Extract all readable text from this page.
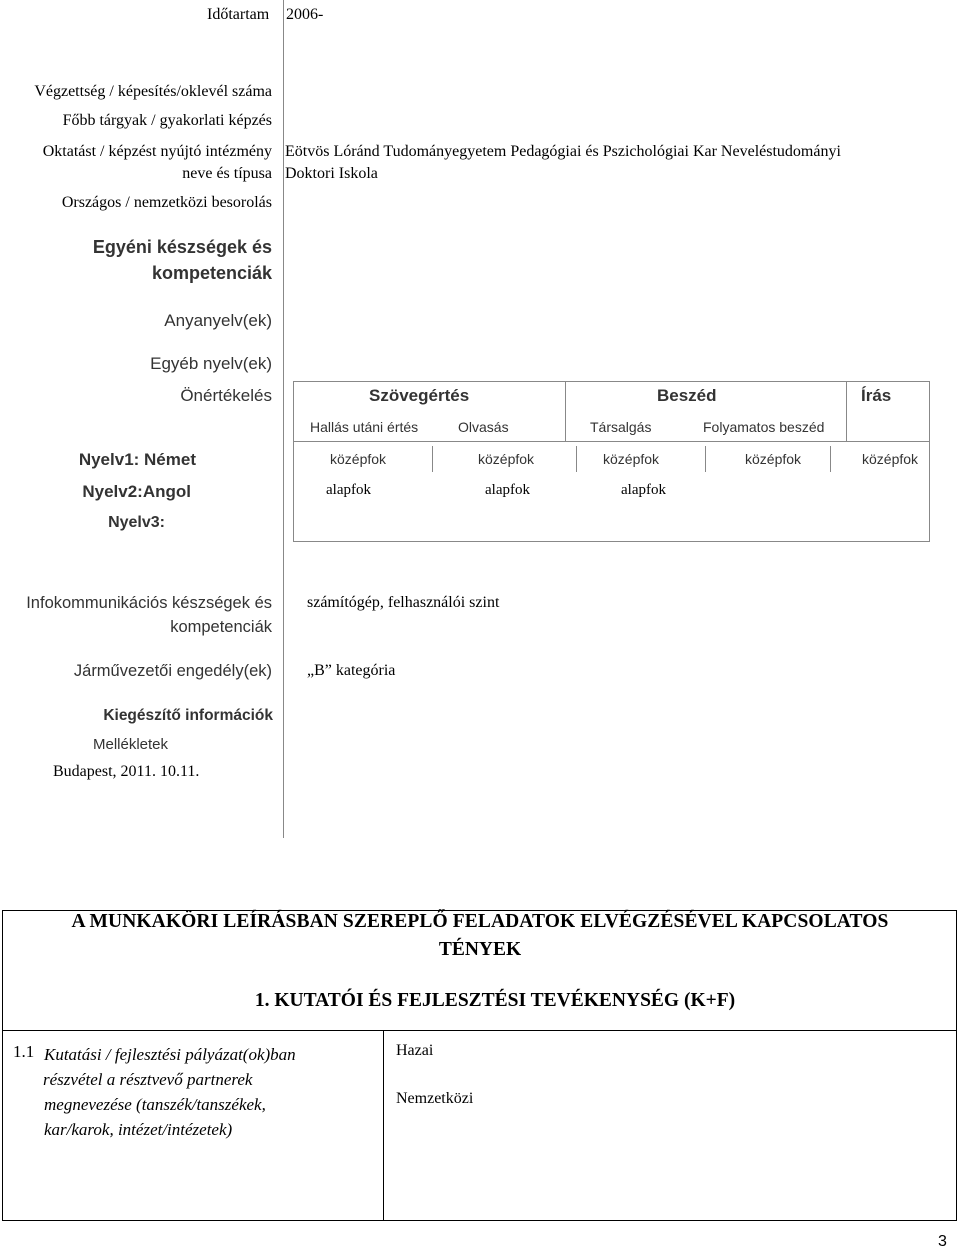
Időtartam 2006-
Végzettség / képesítés/oklevél száma
Főbb tárgyak / gyakorlati képzés
Oktatást / képzést nyújtó intézmény
neve és típusa
Eötvös Lóránd Tudományegyetem Pedagógiai és Pszichológiai Kar Neveléstudományi
Doktori Iskola
Országos / nemzetközi besorolás
Egyéni készségek és
kompetenciák
Anyanyelv(ek)
Egyéb nyelv(ek)
Önértékelés	Szövegértés	Beszéd	Írás
Hallás utáni értés	Olvasás	Társalgás	Folyamatos beszéd
Nyelv1: Német	középfok	középfok	középfok	középfok	középfok
Nyelv2:Angol	alapfok	alapfok	alapfok
Nyelv3:
Infokommunikációs készségek és
kompetenciák
számítógép, felhasználói szint
Járművezetői engedély(ek) „B” kategória
Kiegészítő információk
Mellékletek
Budapest, 2011. 10.11.
A MUNKAKÖRI LEÍRÁSBAN SZEREPLŐ FELADATOK ELVÉGZÉSÉVEL KAPCSOLATOS
TÉNYEK
1. KUTATÓI ÉS FEJLESZTÉSI TEVÉKENYSÉG (K+F)
1.1 Kutatási / fejlesztési pályázat(ok)ban
részvétel a résztvevő partnerek
megnevezése (tanszék/tanszékek,
kar/karok, intézet/intézetek)
Hazai
Nemzetközi
3
